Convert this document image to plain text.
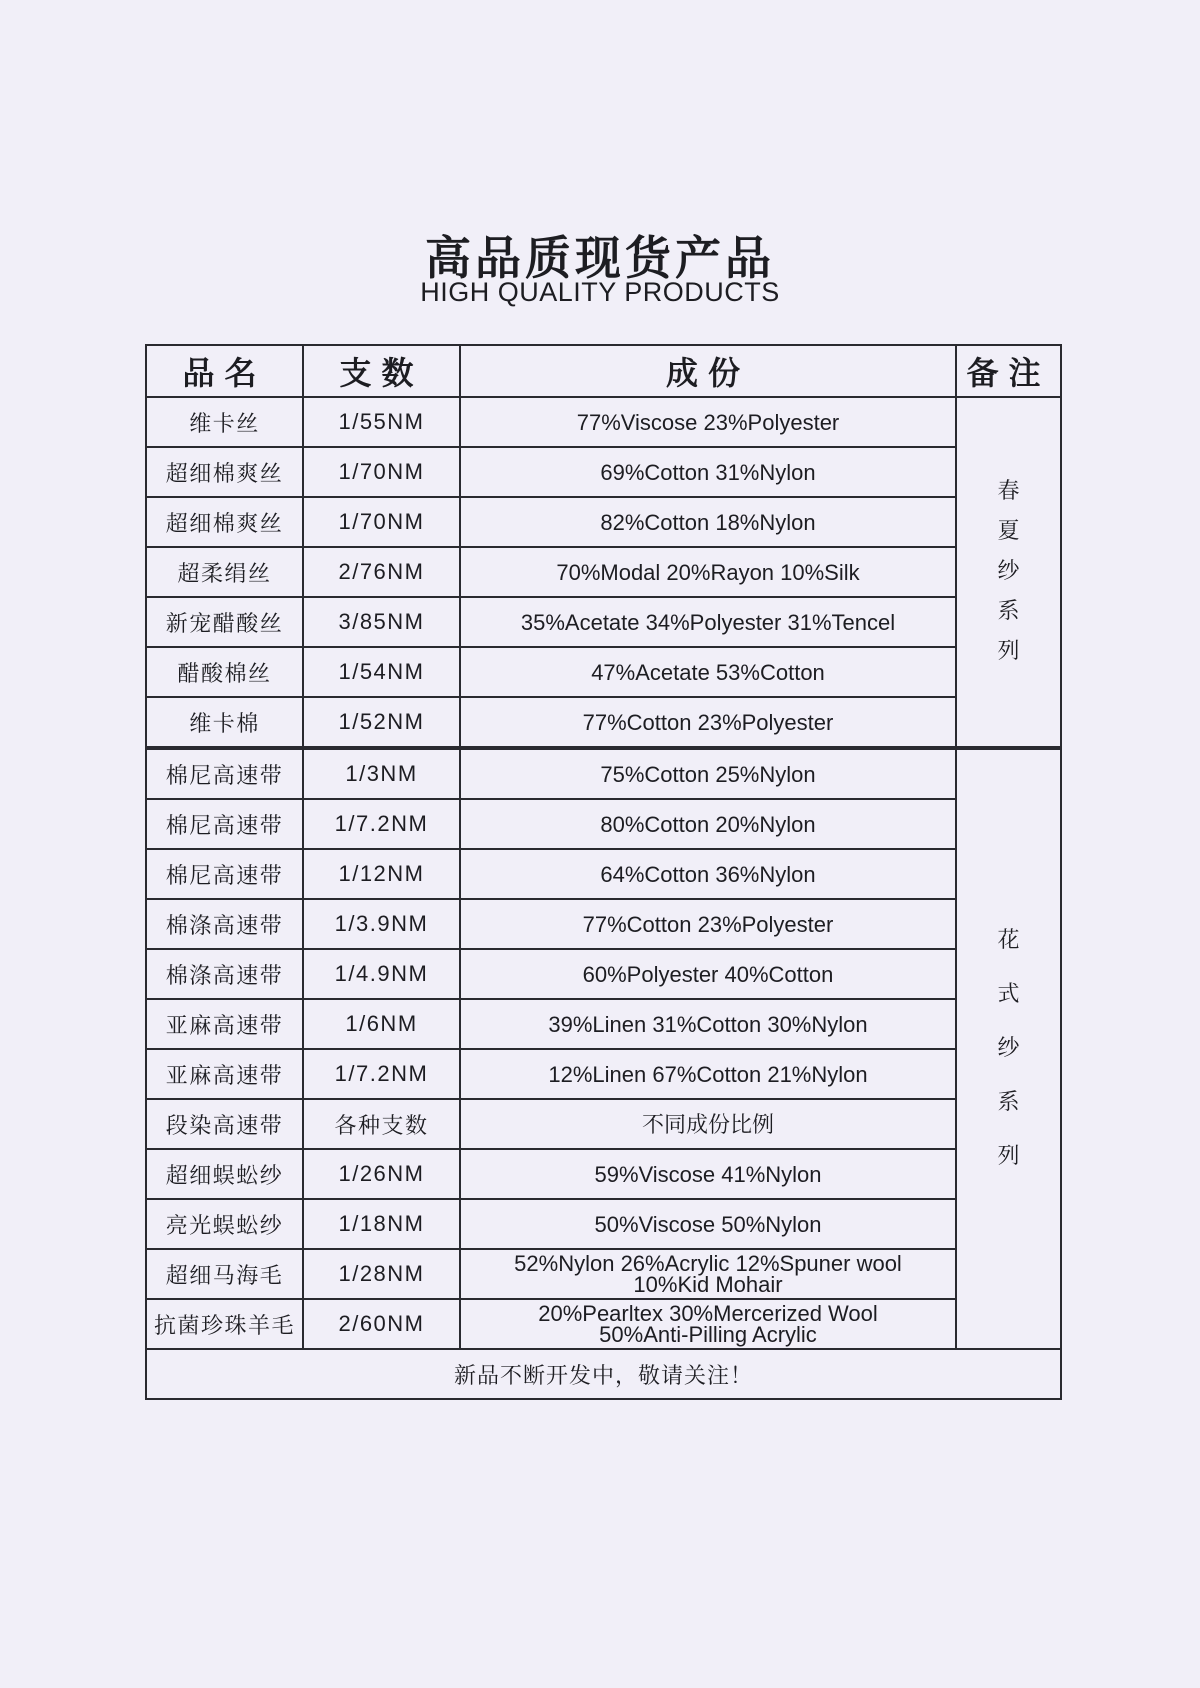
高品质现货产品
HIGH QUALITY PRODUCTS
品名	支数	成份	备注
维卡丝	1/55NM	77%Viscose 23%Polyester	春
夏
纱
系
列
超细棉爽丝	1/70NM	69%Cotton 31%Nylon	
超细棉爽丝	1/70NM	82%Cotton 18%Nylon	
超柔绢丝	2/76NM	70%Modal 20%Rayon 10%Silk	
新宠醋酸丝	3/85NM	35%Acetate 34%Polyester 31%Tencel	
醋酸棉丝	1/54NM	47%Acetate 53%Cotton	
维卡棉	1/52NM	77%Cotton 23%Polyester	
棉尼高速带	1/3NM	75%Cotton 25%Nylon	花
式
纱
系
列
棉尼高速带	1/7.2NM	80%Cotton 20%Nylon	
棉尼高速带	1/12NM	64%Cotton 36%Nylon	
棉涤高速带	1/3.9NM	77%Cotton 23%Polyester	
棉涤高速带	1/4.9NM	60%Polyester 40%Cotton	
亚麻高速带	1/6NM	39%Linen 31%Cotton 30%Nylon	
亚麻高速带	1/7.2NM	12%Linen 67%Cotton 21%Nylon	
段染高速带	各种支数	不同成份比例	
超细蜈蚣纱	1/26NM	59%Viscose 41%Nylon	
亮光蜈蚣纱	1/18NM	50%Viscose 50%Nylon	
超细马海毛	1/28NM	52%Nylon 26%Acrylic 12%Spuner wool
10%Kid Mohair	
抗菌珍珠羊毛	2/60NM	20%Pearltex 30%Mercerized Wool
50%Anti-Pilling Acrylic	
新品不断开发中，敬请关注！			
